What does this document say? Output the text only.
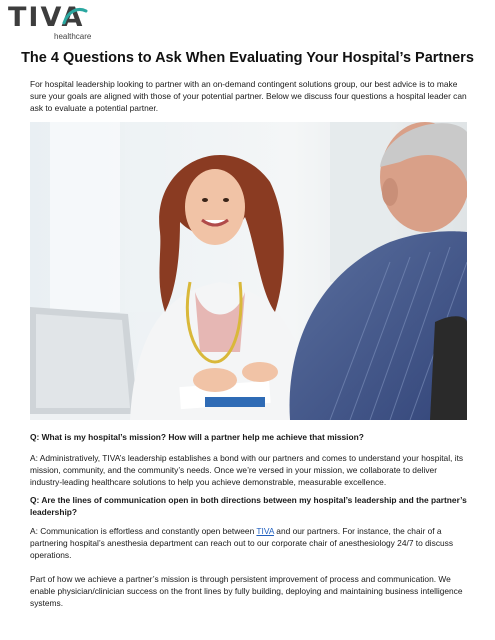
TIVA
healthcare
The 4 Questions to Ask When Evaluating Your Hospital’s Partners
For hospital leadership looking to partner with an on-demand contingent solutions group, our best advice is to make sure your goals are aligned with those of your potential partner. Below we discuss four questions a hospital leader can ask to evaluate a potential partner.
Q: What is my hospital’s mission? How will a partner help me achieve that mission?
A: Administratively, TIVA’s leadership establishes a bond with our partners and comes to understand your hospital, its mission, community, and the community’s needs. Once we’re versed in your mission, we collaborate to deliver industry-leading healthcare solutions to help you achieve demonstrable, measurable excellence.
Q: Are the lines of communication open in both directions between my hospital’s leadership and the partner’s leadership?
A: Communication is effortless and constantly open between TIVA and our partners. For instance, the chair of a partnering hospital’s anesthesia department can reach out to our corporate chair of anesthesiology 24/7 to discuss operations.
Part of how we achieve a partner’s mission is through persistent improvement of process and communication. We enable physician/clinician success on the front lines by fully building, deploying and maintaining business intelligence systems.
